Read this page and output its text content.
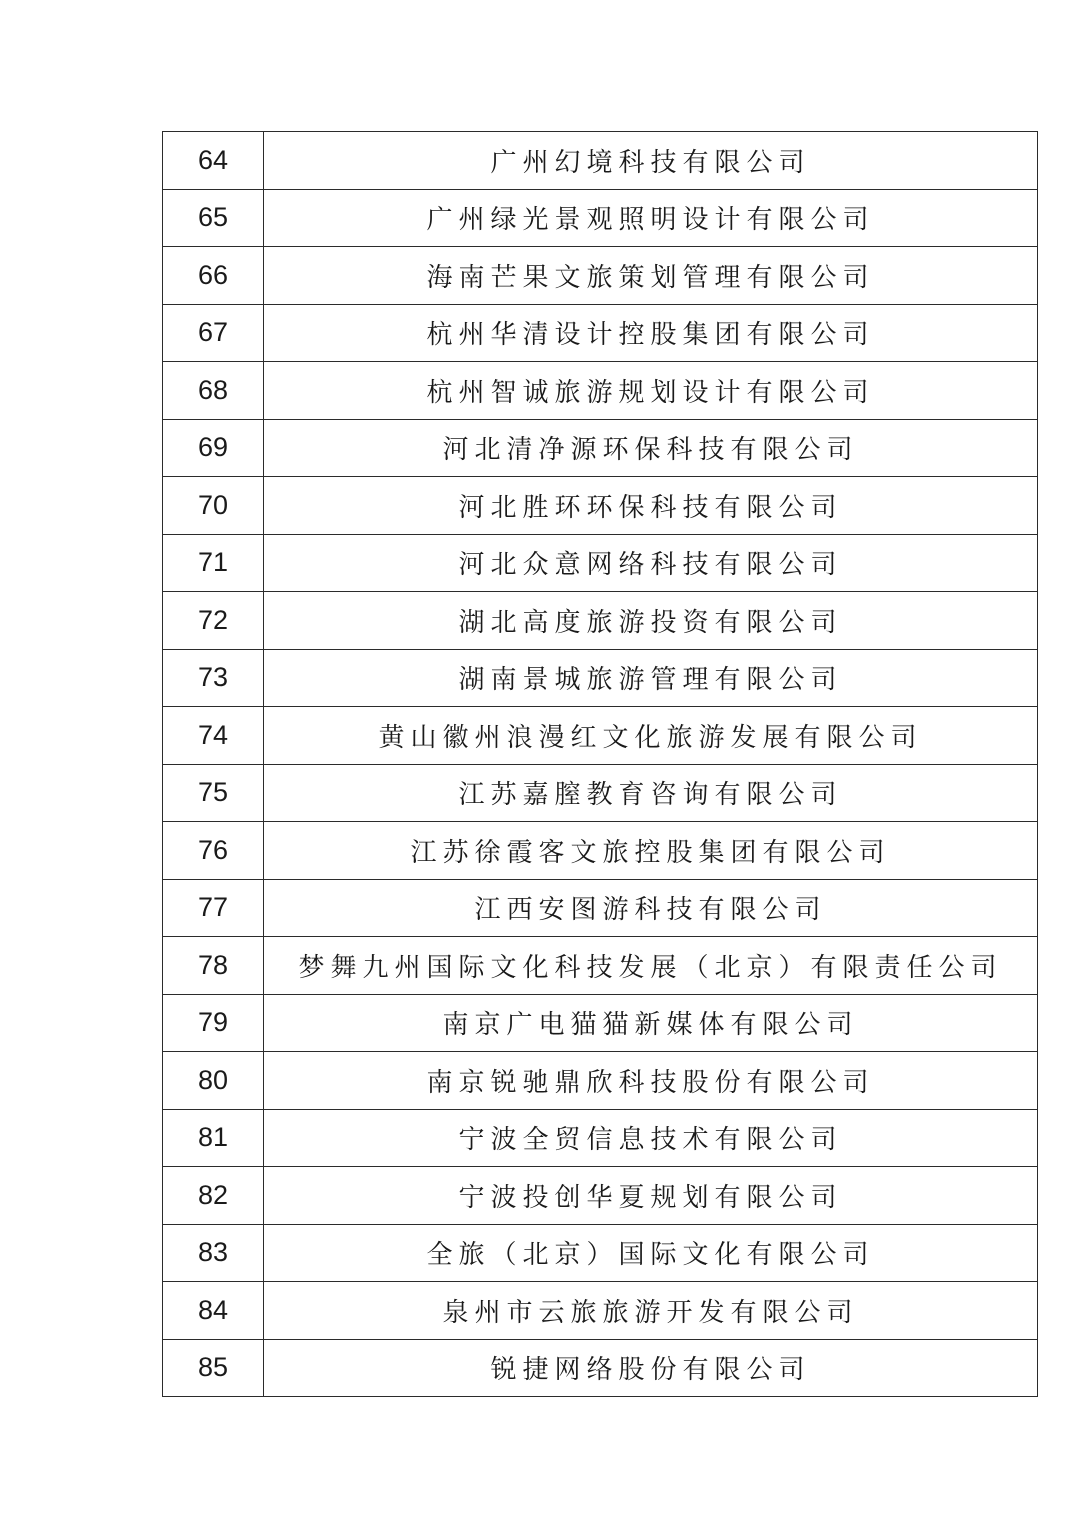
64	广州幻境科技有限公司
65	广州绿光景观照明设计有限公司
66	海南芒果文旅策划管理有限公司
67	杭州华清设计控股集团有限公司
68	杭州智诚旅游规划设计有限公司
69	河北清净源环保科技有限公司
70	河北胜环环保科技有限公司
71	河北众意网络科技有限公司
72	湖北高度旅游投资有限公司
73	湖南景城旅游管理有限公司
74	黄山徽州浪漫红文化旅游发展有限公司
75	江苏嘉膣教育咨询有限公司
76	江苏徐霞客文旅控股集团有限公司
77	江西安图游科技有限公司
78	梦舞九州国际文化科技发展（北京）有限责任公司
79	南京广电猫猫新媒体有限公司
80	南京锐驰鼎欣科技股份有限公司
81	宁波全贸信息技术有限公司
82	宁波投创华夏规划有限公司
83	全旅（北京）国际文化有限公司
84	泉州市云旅旅游开发有限公司
85	锐捷网络股份有限公司
